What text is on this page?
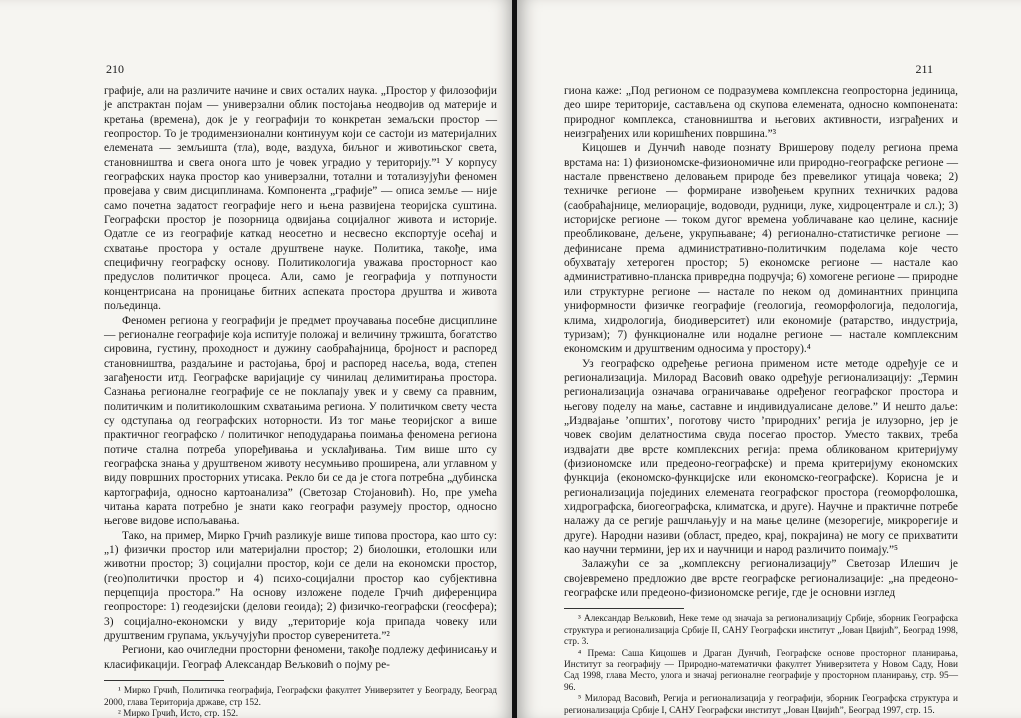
210

графије, али на различите начине и свих осталих наука. „Простор у филозофији је апстрактан појам — универзални облик постојања неодвојив од материје и кретања (времена), док је у географији то конкретан земаљски простор — геопростор. То је тродимензионални континуум који се састоји из материјалних елемената — земљишта (тла), воде, ваздуха, биљног и животињског света, становништва и свега онога што је човек уградио у територију.”¹ У корпусу географских наука простор као универзални, тотални и тотализујући феномен провејава у свим дисциплинама. Компонента „графије” — описа земље — није само почетна задатост географије него и њена развијена теоријска суштина. Географски простор је позорница одвијања социјалног живота и историје. Одатле се из географије каткад неосетно и несвесно експортује осећај и схватање простора у остале друштвене науке. Политика, такође, има специфичну географску основу. Политикологија уважава просторност као предуслов политичког процеса. Али, само је географија у потпуности концентрисана на проницање битних аспеката простора друштва и живота пољединца.

Феномен региона у географији је предмет проучавања посебне дисциплине — регионалне географије која испитује положај и величину тржишта, богатство сировина, густину, проходност и дужину саобраћајница, бројност и распоред становништва, раздаљине и растојања, број и распоред насеља, вода, степен загађености итд. Географске варијације су чинилац делимитирања простора. Сазнања регионалне географије се не поклапају увек и у свему са правним, политичким и политиколошким схватањима региона. У политичком свету честа су одступања од географских ноторности. Из тог мање теоријског а више практичног географско / политичког неподударања поимања феномена региона потиче стална потреба упоређивања и усклађивања. Тим више што су географска знања у друштвеном животу несумњиво проширена, али углавном у виду површних просторних утисака. Рекло би се да је стога потребна „дубинска картографија, односно картоанализа” (Светозар Стојановић). Но, пре умећа читања карата потребно је знати како географи разумеју простор, односно његове видове испољавања.

Тако, на пример, Мирко Грчић разликује више типова простора, као што су: „1) физички простор или материјални простор; 2) биолошки, етолошки или животни простор; 3) социјални простор, који се дели на економски простор, (гео)политички простор и 4) психо-социјални простор као субјективна перцепција простора.” На основу изложене поделе Грчић диференцира геопросторе: 1) геодезијски (делови геоида); 2) физичко-географски (геосфера); 3) социјално-економски у виду „територије која припада човеку или друштвеним групама, укључујући простор суверенитета.”²

Региони, као очигледни просторни феномени, такође подлежу дефинисању и класификацији. Географ Александар Вељковић о појму ре-

¹ Мирко Грчић, Политичка географија, Географски факултет Универзитет у Београду, Београд 2000, глава Територија државе, стр 152.

² Мирко Грчић, Исто, стр. 152.

211

гиона каже: „Под регионом се подразумева комплексна геопросторна јединица, део шире територије, састављена од скупова елемената, односно компонената: природног комплекса, становништва и његових активности, изграђених и неизграђених или коришћених површина.”³

Кицошев и Дунчић наводе познату Вришерову поделу региона према врстама на: 1) физиономске-физиономичне или природно-географске регионе — настале првенствено деловањем природе без превеликог утицаја човека; 2) техничке регионе — формиране извођењем крупних техничких радова (саобраћајнице, мелиорације, водоводи, рудници, луке, хидроцентрале и сл.); 3) историјске регионе — током дугог времена уобличаване као целине, касније преобликоване, дељене, укрупњаване; 4) регионално-статистичке регионе — дефинисане према административно-политичким поделама које често обухватају хетероген простор; 5) економске регионе — настале као административно-планска привредна подручја; 6) хомогене регионе — природне или структурне регионе — настале по неком од доминантних принципа униформности физичке географије (геологија, геоморфологија, педологија, клима, хидрологија, биодиверситет) или економије (ратарство, индустрија, туризам); 7) функционалне или нодалне регионе — настале комплексним економским и друштвеним односима у простору).⁴

Уз географско одређење региона применом исте методе одређује се и регионализација. Милорад Васовић овако одређује регионализацију: „Термин регионализација означава ограничавање одређеног географског простора и његову поделу на мање, саставне и индивидуалисане делове.” И нешто даље: „Издвајање ’општих’, поготову чисто ’природних’ регија је илузорно, јер је човек својим делатностима свуда посегао простор. Уместо таквих, треба издвајати две врсте комплексних регија: према обликованом критеријуму (физиономске или предеоно-географске) и према критеријуму економских функција (економско-функцијске или економско-географске). Корисна је и регионализација појединих елемената географског простора (геоморфолошка, хидрографска, биогеографска, климатска, и друге). Научне и практичне потребе налажу да се регије рашчлањују и на мање целине (мезорегије, микрорегије и друге). Народни називи (област, предео, крај, покрајина) не могу се прихватити као научни термини, јер их и научници и народ различито поимају.”⁵

Залажући се за „комплексну регионализацију” Светозар Илешич је својевремено предложио две врсте географске регионализације: „на предеоно-географске или предеоно-физиономске регије, где је основни изглед

³ Александар Вељковић, Неке теме од значаја за регионализацију Србије, зборник Географска структура и регионализација Србије II, САНУ Географски институт „Јован Цвијић”, Београд 1998, стр. 3.

⁴ Према: Саша Кицошев и Драган Дунчић, Географске основе просторног планирања, Институт за географију — Природно-математички факултет Универзитета у Новом Саду, Нови Сад 1998, глава Место, улога и значај регионалне географије у просторном планирању, стр. 95—96.

⁵ Милорад Васовић, Регија и регионализација у географији, зборник Географска структура и регионализација Србије I, САНУ Географски институт „Јован Цвијић”, Београд 1997, стр. 15.
